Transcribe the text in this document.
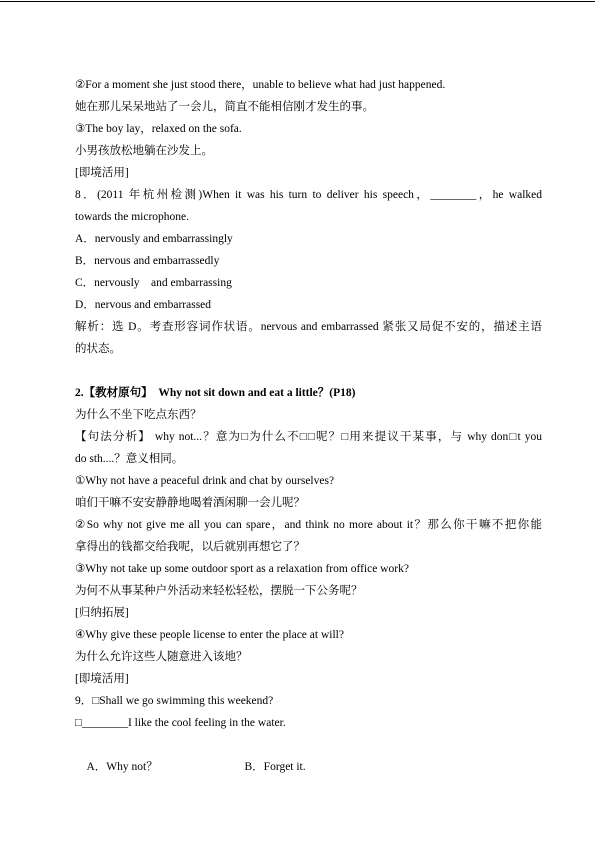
②For a moment she just stood there，unable to believe what had just happened.
她在那儿呆呆地站了一会儿，简直不能相信刚才发生的事。
③The boy lay，relaxed on the sofa.
小男孩放松地躺在沙发上。
[即境活用]
8．(2011 年杭州检测)When it was his turn to deliver his speech，________，he walked
towards the microphone.
A．nervously and embarrassingly
B．nervous and embarrassedly
C．nervously    and embarrassing
D．nervous and embarrassed
解析：选 D。考查形容词作状语。nervous and embarrassed 紧张又局促不安的，描述主语
的状态。
2.【教材原句】  Why not sit down and eat a little？(P18)
为什么不坐下吃点东西？
【句法分析】 why not...？意为□为什么不□□呢？□用来提议干某事，与 why don□t you
do sth....？意义相同。
①Why not have a peaceful drink and chat by ourselves?
咱们干嘛不安安静静地喝着酒闲聊一会儿呢？
②So why not give me all you can spare，and think no more about it？那么你干嘛不把你能
拿得出的钱都交给我呢，以后就别再想它了？
③Why not take up some outdoor sport as a relaxation from office work?
为何不从事某种户外活动来轻松轻松，摆脱一下公务呢？
[归纳拓展]
④Why give these people license to enter the place at will?
为什么允许这些人随意进入该地？
[即境活用]
9．□Shall we go swimming this weekend?
□________I like the cool feeling in the water.

A．Why not？	B．Forget it.
